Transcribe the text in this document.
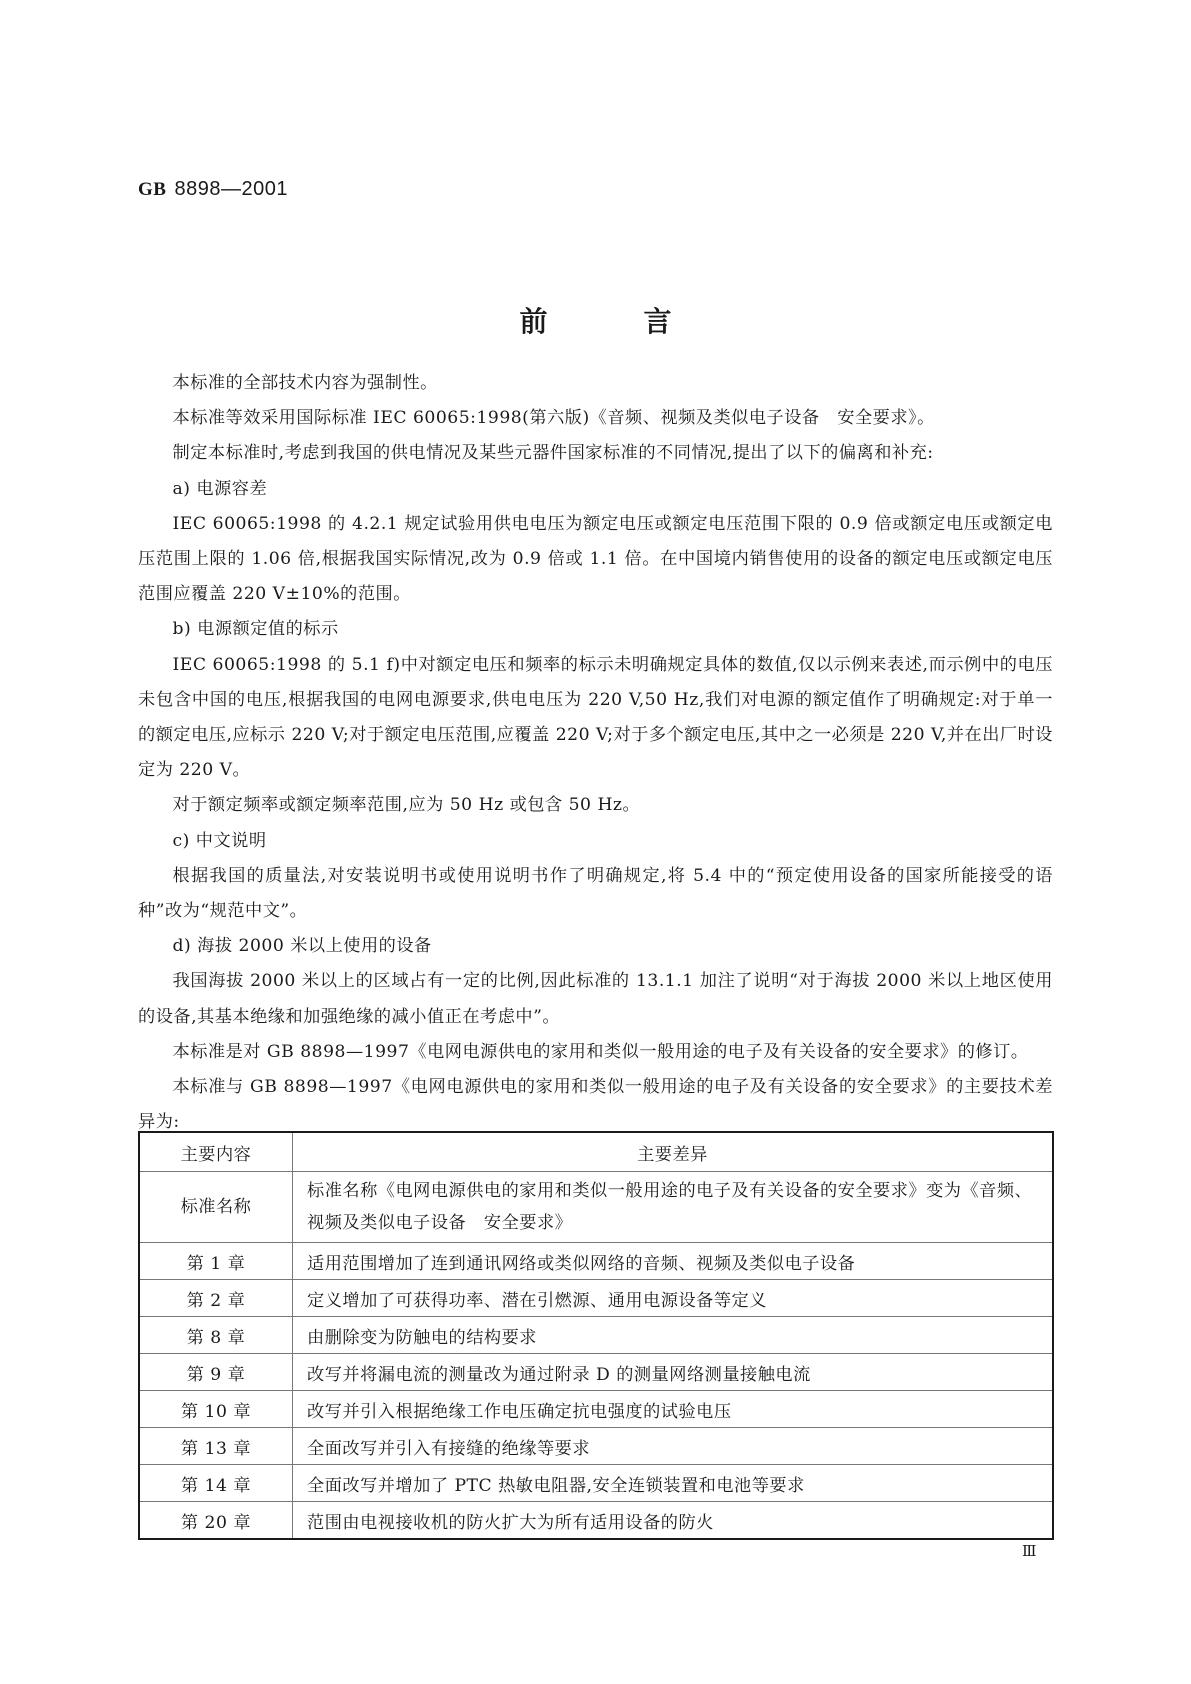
GB 8898—2001
前	言

本标准的全部技术内容为强制性。

本标准等效采用国际标准 IEC 60065:1998(第六版)《音频、视频及类似电子设备　安全要求》。

制定本标准时,考虑到我国的供电情况及某些元器件国家标准的不同情况,提出了以下的偏离和补充:

a) 电源容差

IEC 60065:1998 的 4.2.1 规定试验用供电电压为额定电压或额定电压范围下限的 0.9 倍或额定电压或额定电压范围上限的 1.06 倍,根据我国实际情况,改为 0.9 倍或 1.1 倍。在中国境内销售使用的设备的额定电压或额定电压范围应覆盖 220 V±10%的范围。

b) 电源额定值的标示

IEC 60065:1998 的 5.1 f)中对额定电压和频率的标示未明确规定具体的数值,仅以示例来表述,而示例中的电压未包含中国的电压,根据我国的电网电源要求,供电电压为 220 V,50 Hz,我们对电源的额定值作了明确规定:对于单一的额定电压,应标示 220 V;对于额定电压范围,应覆盖 220 V;对于多个额定电压,其中之一必须是 220 V,并在出厂时设定为 220 V。

对于额定频率或额定频率范围,应为 50 Hz 或包含 50 Hz。

c) 中文说明

根据我国的质量法,对安装说明书或使用说明书作了明确规定,将 5.4 中的“预定使用设备的国家所能接受的语种”改为“规范中文”。

d) 海拔 2000 米以上使用的设备

我国海拔 2000 米以上的区域占有一定的比例,因此标准的 13.1.1 加注了说明“对于海拔 2000 米以上地区使用的设备,其基本绝缘和加强绝缘的减小值正在考虑中”。

本标准是对 GB 8898—1997《电网电源供电的家用和类似一般用途的电子及有关设备的安全要求》的修订。

本标准与 GB 8898—1997《电网电源供电的家用和类似一般用途的电子及有关设备的安全要求》的主要技术差异为:

主要内容	主要差异
标准名称	标准名称《电网电源供电的家用和类似一般用途的电子及有关设备的安全要求》变为《音频、视频及类似电子设备　安全要求》
第 1 章	适用范围增加了连到通讯网络或类似网络的音频、视频及类似电子设备
第 2 章	定义增加了可获得功率、潜在引燃源、通用电源设备等定义
第 8 章	由删除变为防触电的结构要求
第 9 章	改写并将漏电流的测量改为通过附录 D 的测量网络测量接触电流
第 10 章	改写并引入根据绝缘工作电压确定抗电强度的试验电压
第 13 章	全面改写并引入有接缝的绝缘等要求
第 14 章	全面改写并增加了 PTC 热敏电阻器,安全连锁装置和电池等要求
第 20 章	范围由电视接收机的防火扩大为所有适用设备的防火
Ⅲ
